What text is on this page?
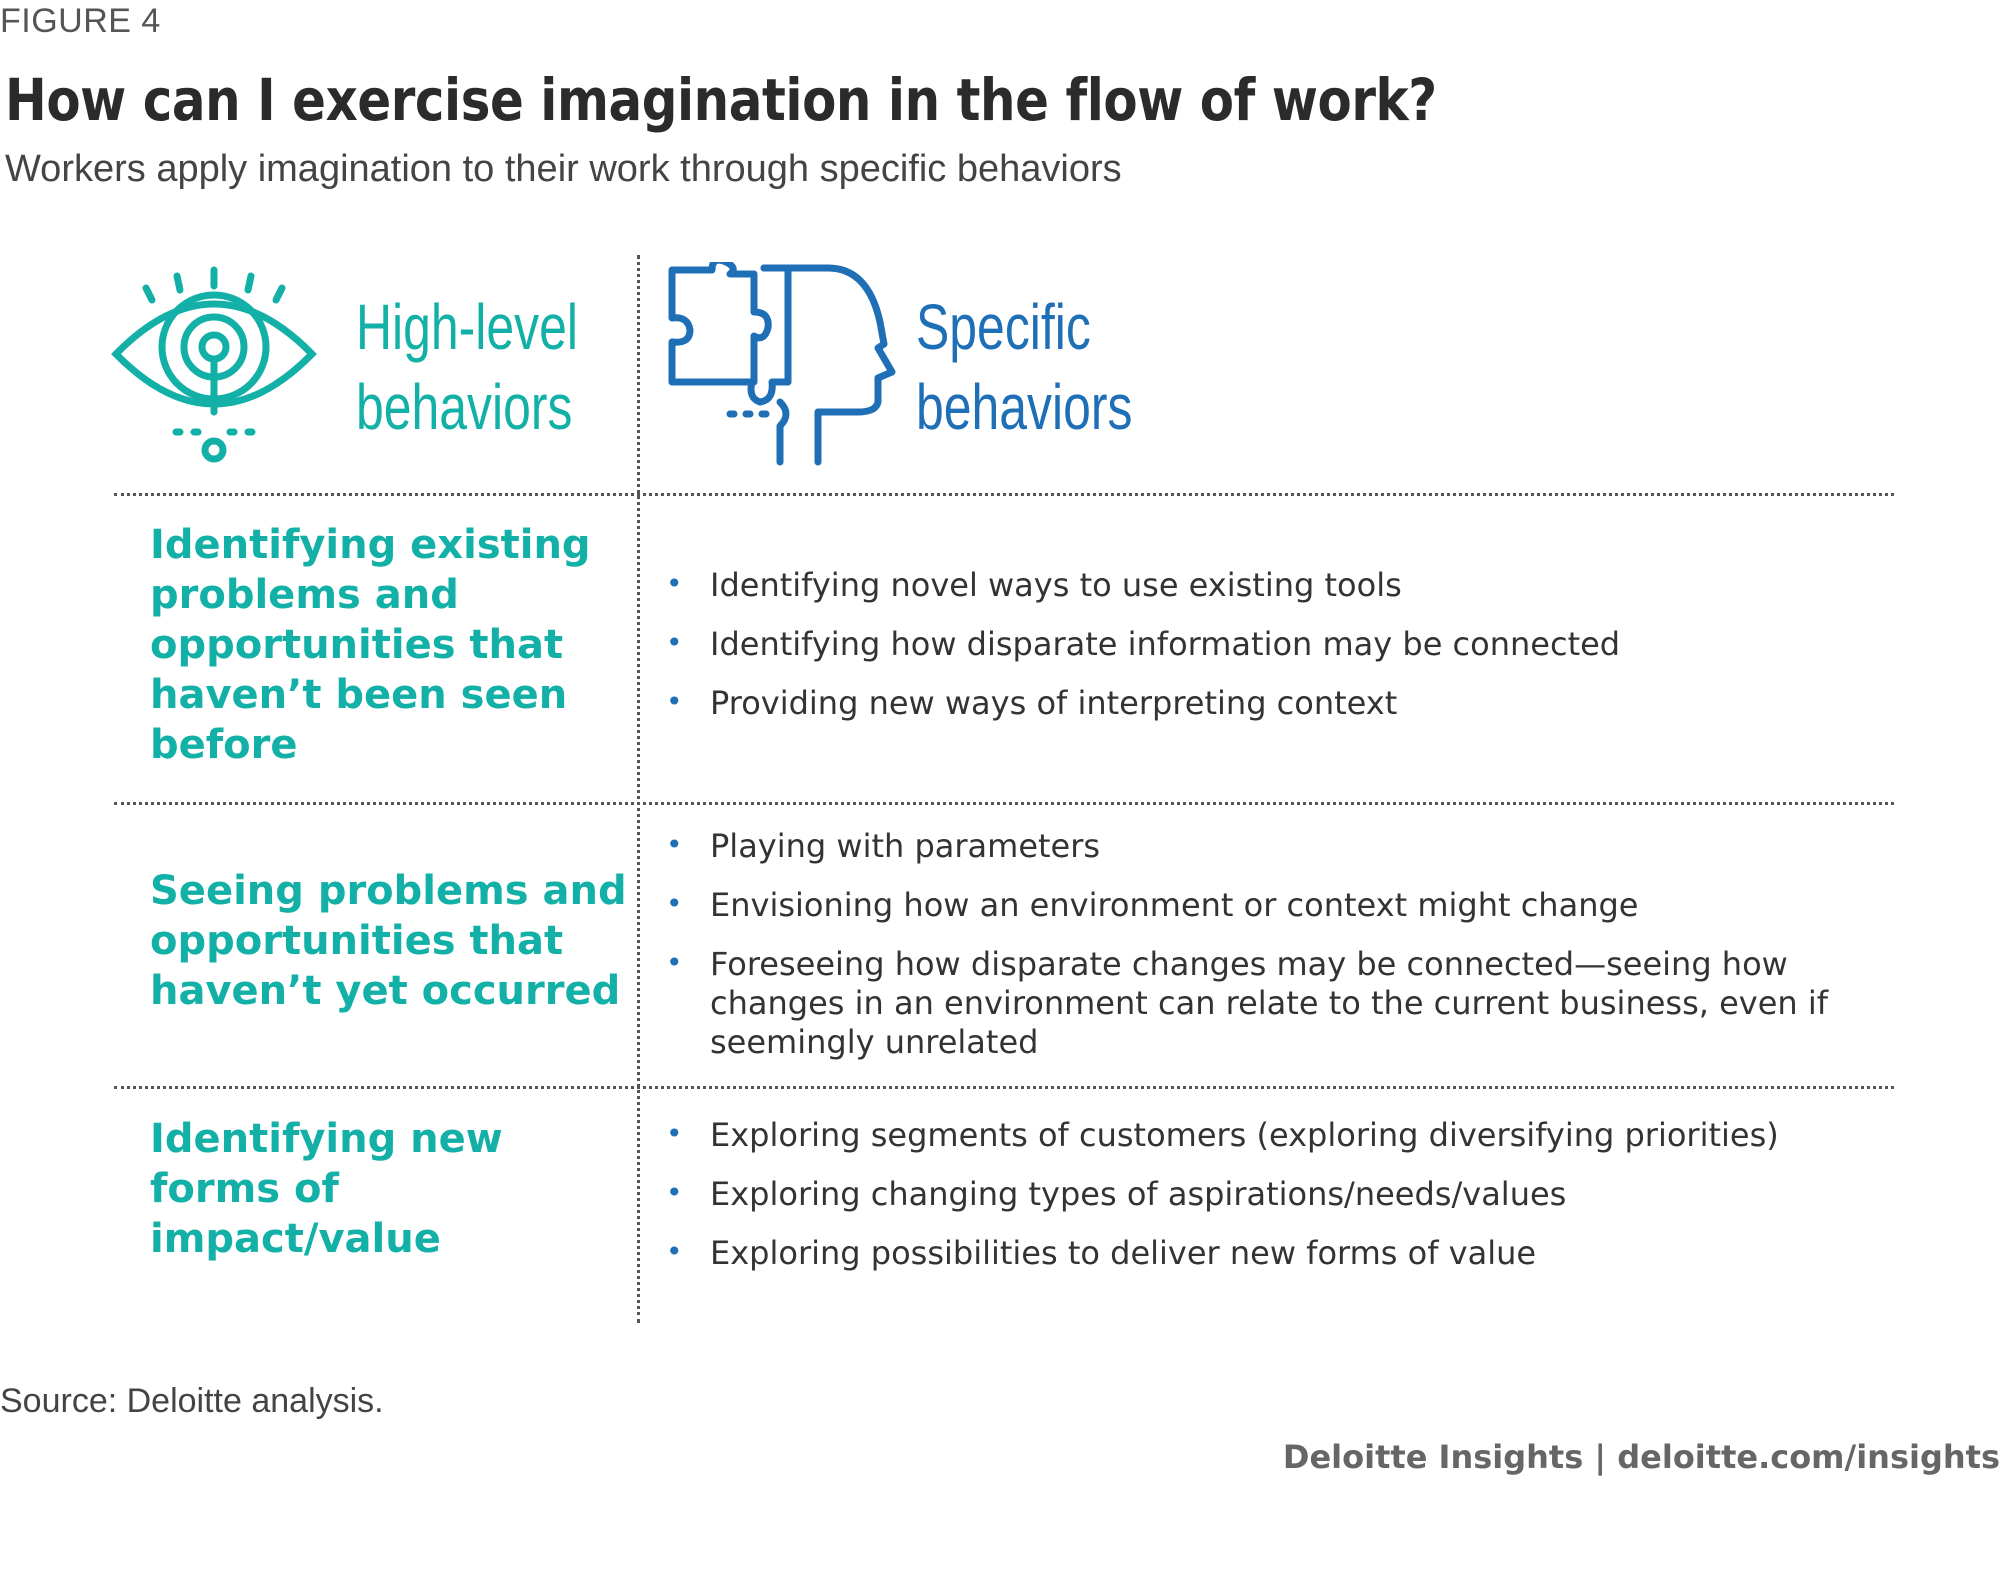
FIGURE 4
How can I exercise imagination in the flow of work?
Workers apply imagination to their work through specific behaviors
High-level
behaviors
Specific
behaviors
Identifying existing problems and opportunities that haven’t been seen before
• Identifying novel ways to use existing tools
• Identifying how disparate information may be connected
• Providing new ways of interpreting context
Seeing problems and opportunities that haven’t yet occurred
• Playing with parameters
• Envisioning how an environment or context might change
• Foreseeing how disparate changes may be connected—seeing how changes in an environment can relate to the current business, even if seemingly unrelated
Identifying new forms of impact/value
• Exploring segments of customers (exploring diversifying priorities)
• Exploring changing types of aspirations/needs/values
• Exploring possibilities to deliver new forms of value
Source: Deloitte analysis.
Deloitte Insights | deloitte.com/insights
